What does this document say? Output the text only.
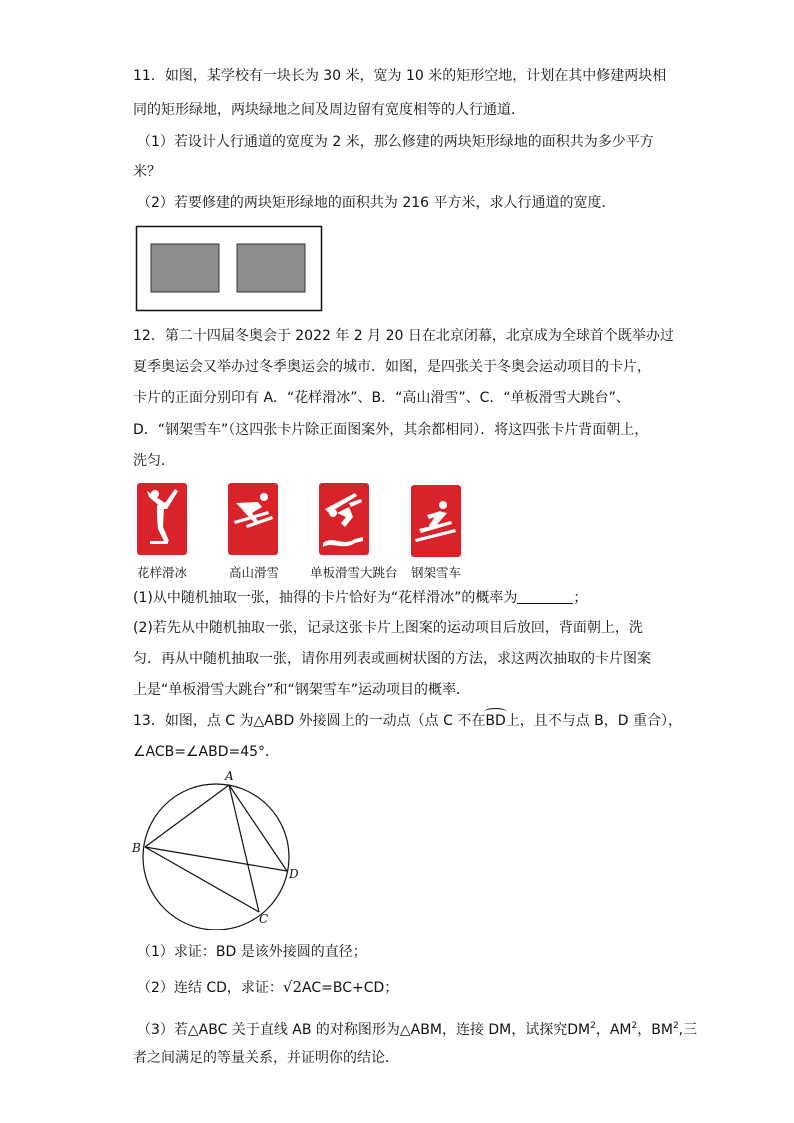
11．如图，某学校有一块长为 30 米，宽为 10 米的矩形空地，计划在其中修建两块相
同的矩形绿地，两块绿地之间及周边留有宽度相等的人行通道．
（1）若设计人行通道的宽度为 2 米，那么修建的两块矩形绿地的面积共为多少平方
米？
（2）若要修建的两块矩形绿地的面积共为 216 平方米，求人行通道的宽度．
12．第二十四届冬奥会于 2022 年 2 月 20 日在北京闭幕，北京成为全球首个既举办过
夏季奥运会又举办过冬季奥运会的城市．如图，是四张关于冬奥会运动项目的卡片，
卡片的正面分别印有 A．“花样滑冰”、B．“高山滑雪”、C．“单板滑雪大跳台”、
D．“钢架雪车”（这四张卡片除正面图案外，其余都相同）．将这四张卡片背面朝上，
洗匀．
花样滑冰	高山滑雪 单板滑雪大跳台 钢架雪车
(1)从中随机抽取一张，抽得的卡片恰好为“花样滑冰”的概率为	；
(2)若先从中随机抽取一张，记录这张卡片上图案的运动项目后放回，背面朝上，洗
匀．再从中随机抽取一张，请你用列表或画树状图的方法，求这两次抽取的卡片图案
上是“单板滑雪大跳台”和“钢架雪车”运动项目的概率．
13．如图，点 C 为△ABD 外接圆上的一动点（点 C 不在BD上，且不与点 B，D 重合），
∠ACB=∠ABD=45°．
A
B
D
C
（1）求证：BD 是该外接圆的直径；
（2）连结 CD，求证：√2AC=BC+CD；
（3）若△ABC 关于直线 AB 的对称图形为△ABM，连接 DM，试探究$DM^2$，$AM^2$，$BM^2$,三
者之间满足的等量关系，并证明你的结论．
